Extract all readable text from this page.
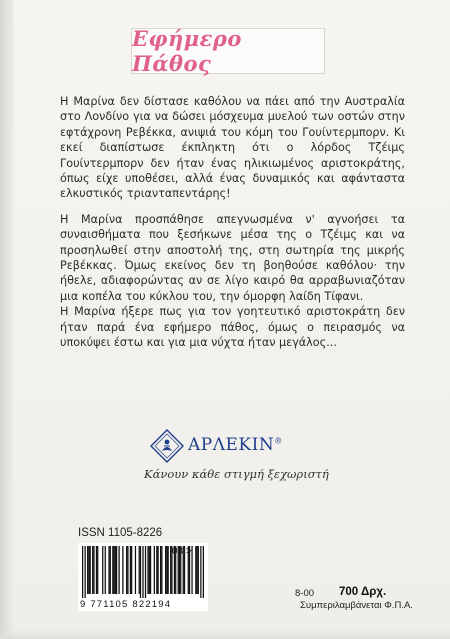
Εφήμερο Πάθος

Η Μαρίνα δεν δίστασε καθόλου να πάει από την Αυστραλία στο Λονδίνο για να δώσει μόσχευμα μυελού των οστών στην εφτάχρονη Ρεβέκκα, ανιψιά του κόμη του Γουίντερμπορν. Κι εκεί διαπίστωσε έκπληκτη ότι ο λόρδος Τζέιμς Γουίντερμπορν δεν ήταν ένας ηλικιωμένος αριστοκράτης, όπως είχε υποθέσει, αλλά ένας δυναμικός και αφάνταστα ελκυστικός τριανταπεντάρης!

Η Μαρίνα προσπάθησε απεγνωσμένα ν' αγνοήσει τα συναισθήματα που ξεσήκωνε μέσα της ο Τζέιμς και να προσηλωθεί στην αποστολή της, στη σωτηρία της μικρής Ρεβέκκας. Όμως εκείνος δεν τη βοηθούσε καθόλου· την ήθελε, αδιαφορώντας αν σε λίγο καιρό θα αρραβωνιαζόταν μια κοπέλα του κύκλου του, την όμορφη λαίδη Τίφανι.

Η Μαρίνα ήξερε πως για τον γοητευτικό αριστοκράτη δεν ήταν παρά ένα εφήμερο πάθος, όμως ο πειρασμός να υποκύψει έστω και για μια νύχτα ήταν μεγάλος...

ΑΡΛΕΚΙΝ®
Κάνουν κάθε στιγμή ξεχωριστή
ISSN 1105-8226
9 771105 822194
03 >
8-00 700 Δρχ.
Συμπεριλαμβάνεται Φ.Π.Α.
